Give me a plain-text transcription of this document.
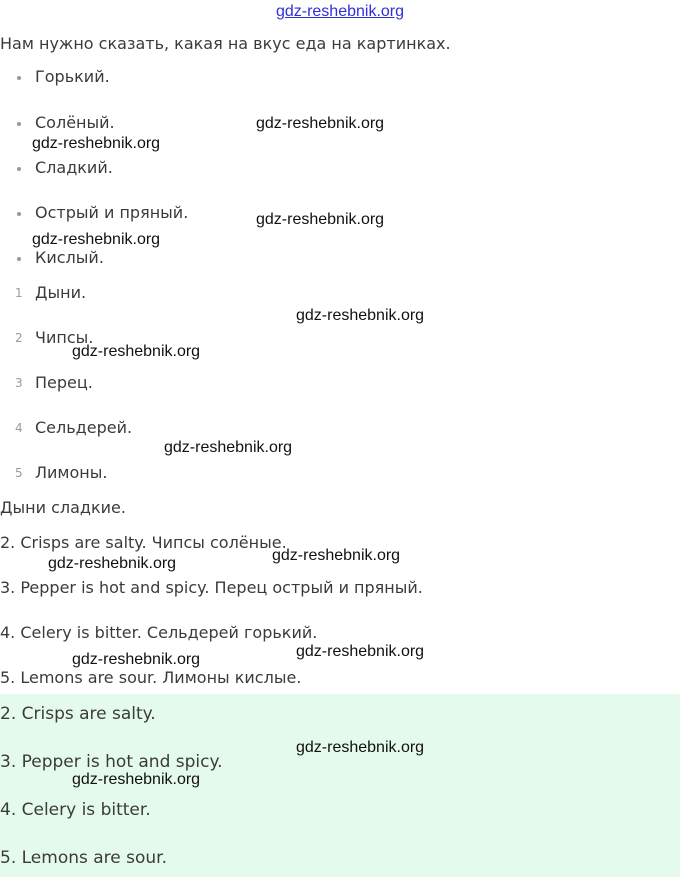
gdz-reshebnik.org
Нам нужно сказать, какая на вкус еда на картинках.
Горький.
Солёный.
Сладкий.
Острый и пряный.
Кислый.
1 Дыни.
2 Чипсы.
3 Перец.
4 Сельдерей.
5 Лимоны.
Дыни сладкие.
2. Crisps are salty. Чипсы солёные.
3. Pepper is hot and spicy. Перец острый и пряный.
4. Celery is bitter. Сельдерей горький.
5. Lemons are sour. Лимоны кислые.
2. Crisps are salty.
3. Pepper is hot and spicy.
4. Celery is bitter.
5. Lemons are sour.
gdz-reshebnik.org
gdz-reshebnik.org
gdz-reshebnik.org
gdz-reshebnik.org
gdz-reshebnik.org
gdz-reshebnik.org
gdz-reshebnik.org
gdz-reshebnik.org
gdz-reshebnik.org
gdz-reshebnik.org
gdz-reshebnik.org
gdz-reshebnik.org
gdz-reshebnik.org
